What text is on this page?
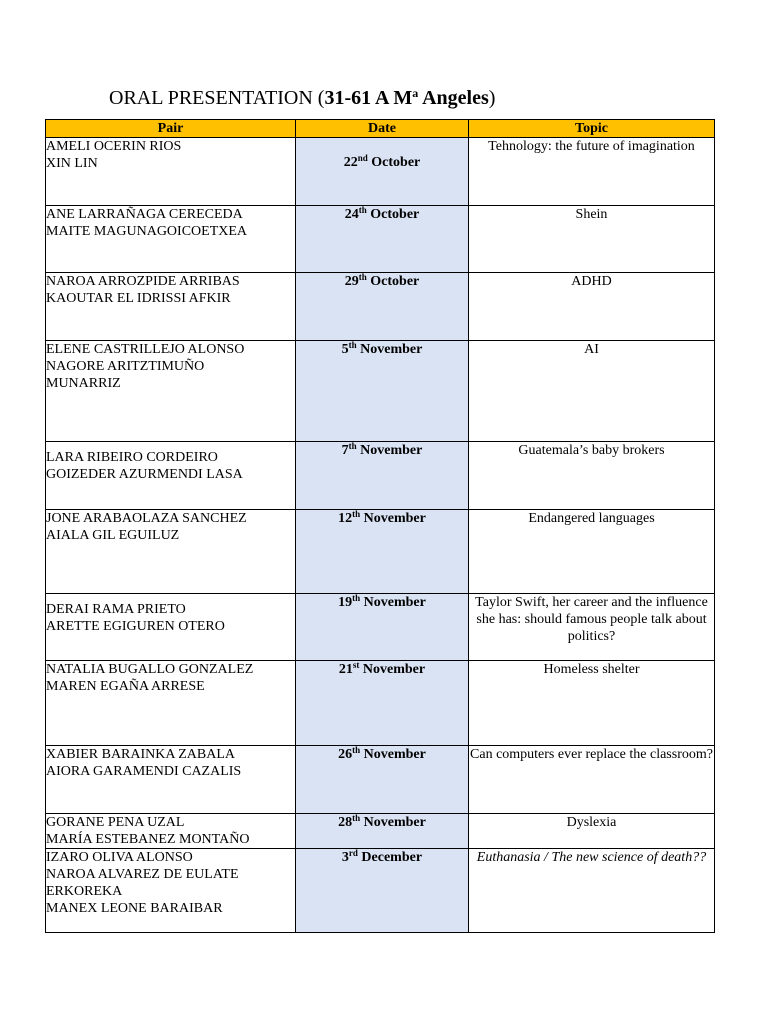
ORAL PRESENTATION (31-61 A $M^a$ Angeles)
Pair	Date	Topic

AMELI OCERIN RIOS
XIN LIN	22nd October	Tehnology: the future of imagination

ANE LARRAÑAGA CERECEDA
MAITE MAGUNAGOICOETXEA	24th October	Shein

NAROA ARROZPIDE ARRIBAS
KAOUTAR EL IDRISSI AFKIR	29th October	ADHD

ELENE CASTRILLEJO ALONSO
NAGORE ARITZTIMUÑO
MUNARRIZ	5th November	AI

LARA RIBEIRO CORDEIRO
GOIZEDER AZURMENDI LASA	7th November	Guatemala’s baby brokers

JONE ARABAOLAZA SANCHEZ
AIALA GIL EGUILUZ	12th November	Endangered languages

DERAI RAMA PRIETO
ARETTE EGIGUREN OTERO	19th November	Taylor Swift, her career and the influence she has: should famous people talk about politics?

NATALIA BUGALLO GONZALEZ
MAREN EGAÑA ARRESE	21st November	Homeless shelter

XABIER BARAINKA ZABALA
AIORA GARAMENDI CAZALIS	26th November	Can computers ever replace the classroom?

GORANE PENA UZAL
MARÍA ESTEBANEZ MONTAÑO	28th November	Dyslexia

IZARO OLIVA ALONSO
NAROA ALVAREZ DE EULATE
ERKOREKA
MANEX LEONE BARAIBAR	3rd December	Euthanasia / The new science of death??
